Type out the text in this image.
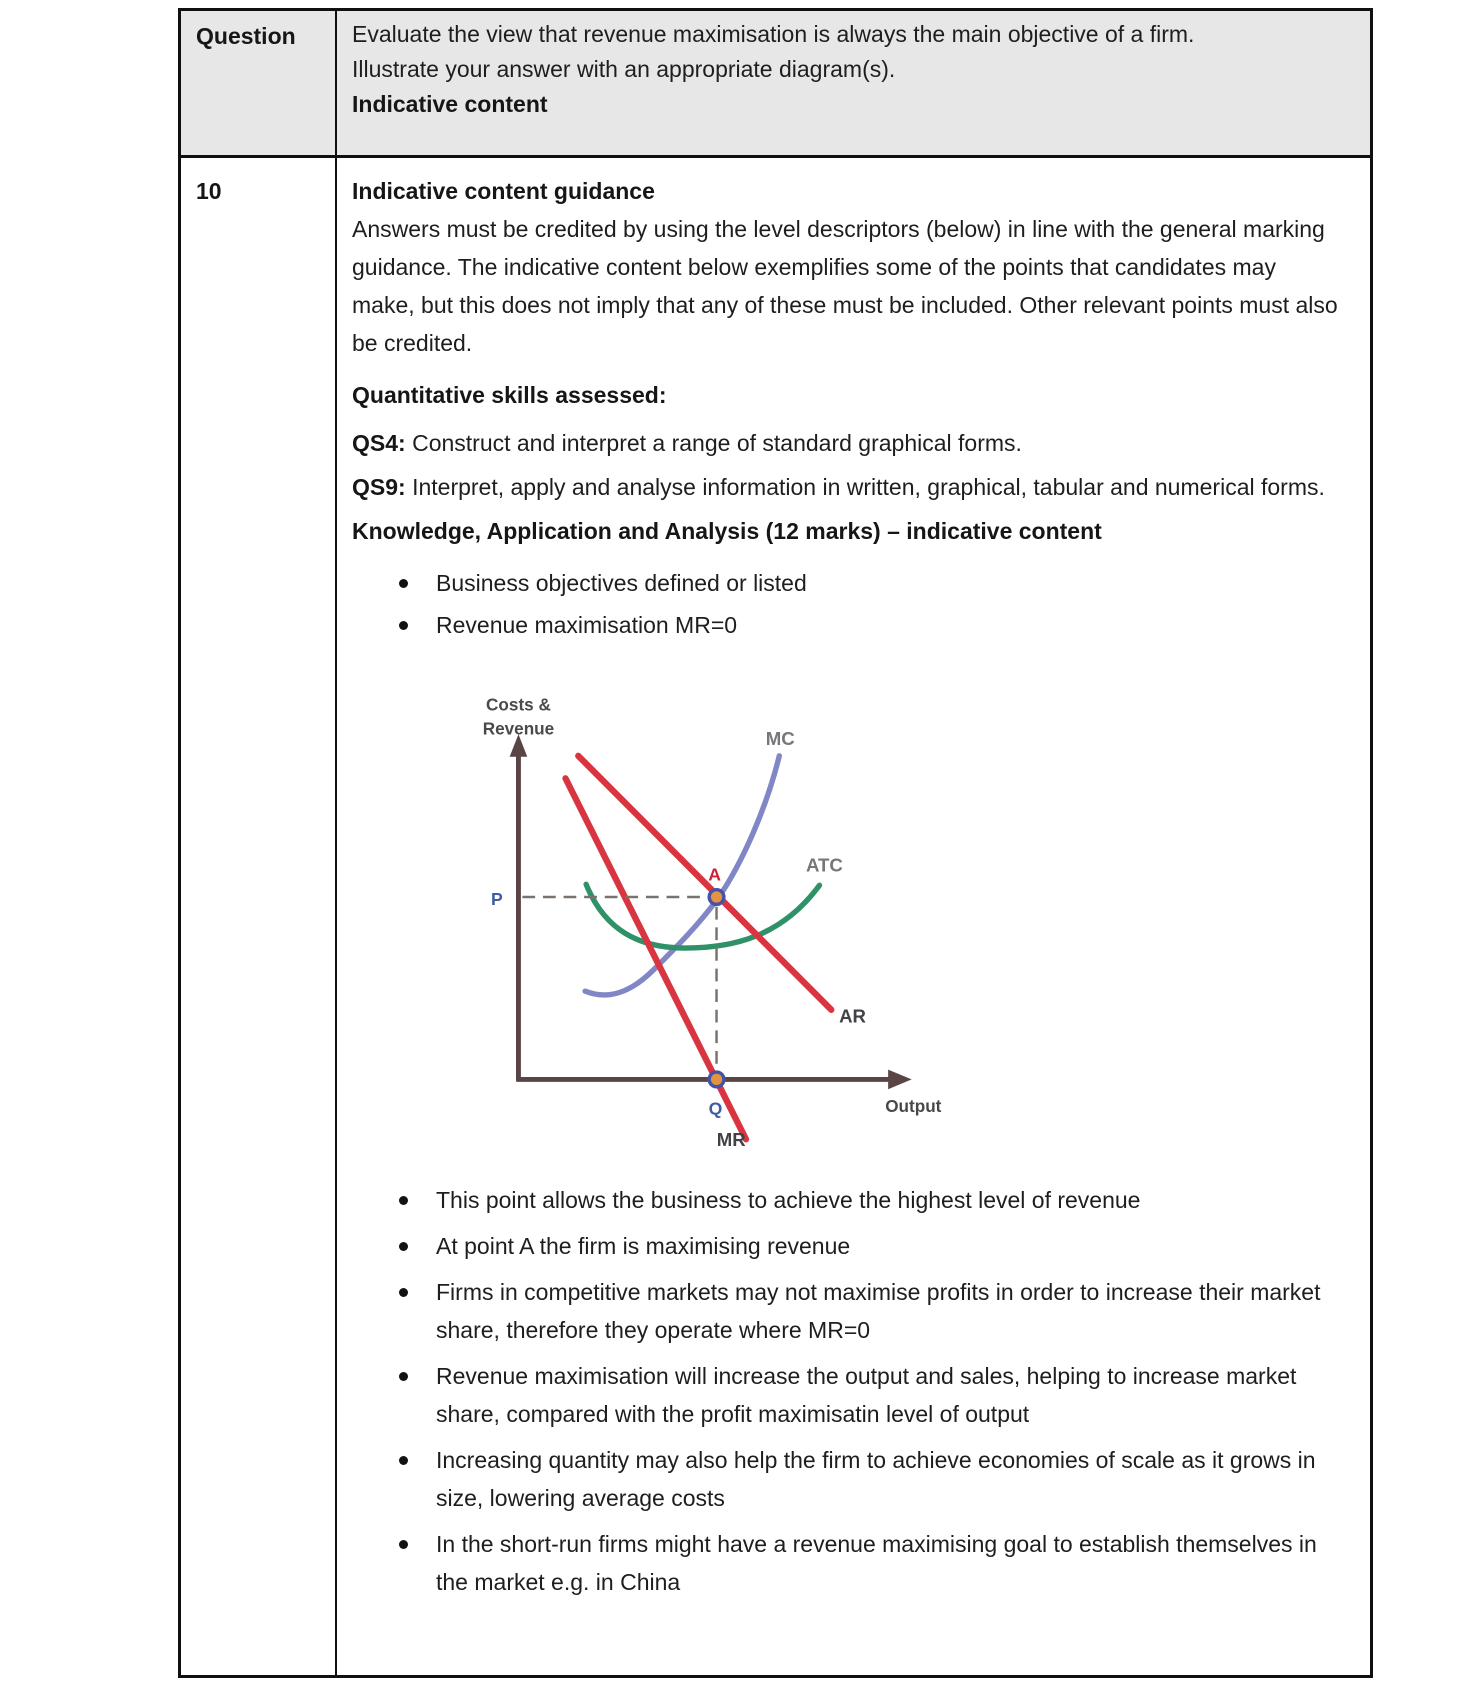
Question	Evaluate the view that revenue maximisation is always the main objective of a firm.

Illustrate your answer with an appropriate diagram(s).

Indicative content

10	Indicative content guidance

Answers must be credited by using the level descriptors (below) in line with the general marking guidance. The indicative content below exemplifies some of the points that candidates may make, but this does not imply that any of these must be included. Other relevant points must also be credited.

Quantitative skills assessed:

QS4: Construct and interpret a range of standard graphical forms.

QS9: Interpret, apply and analyse information in written, graphical, tabular and numerical forms.

Knowledge, Application and Analysis (12 marks) – indicative content

Business objectives defined or listed
Revenue maximisation MR=0
Costs &
Revenue
Output
MC
ATC
AR
MR
P
Q
A
This point allows the business to achieve the highest level of revenue
At point A the firm is maximising revenue
Firms in competitive markets may not maximise profits in order to increase their market share, therefore they operate where MR=0
Revenue maximisation will increase the output and sales, helping to increase market share, compared with the profit maximisatin level of output
Increasing quantity may also help the firm to achieve economies of scale as it grows in size, lowering average costs
In the short-run firms might have a revenue maximising goal to establish themselves in the market e.g. in China
